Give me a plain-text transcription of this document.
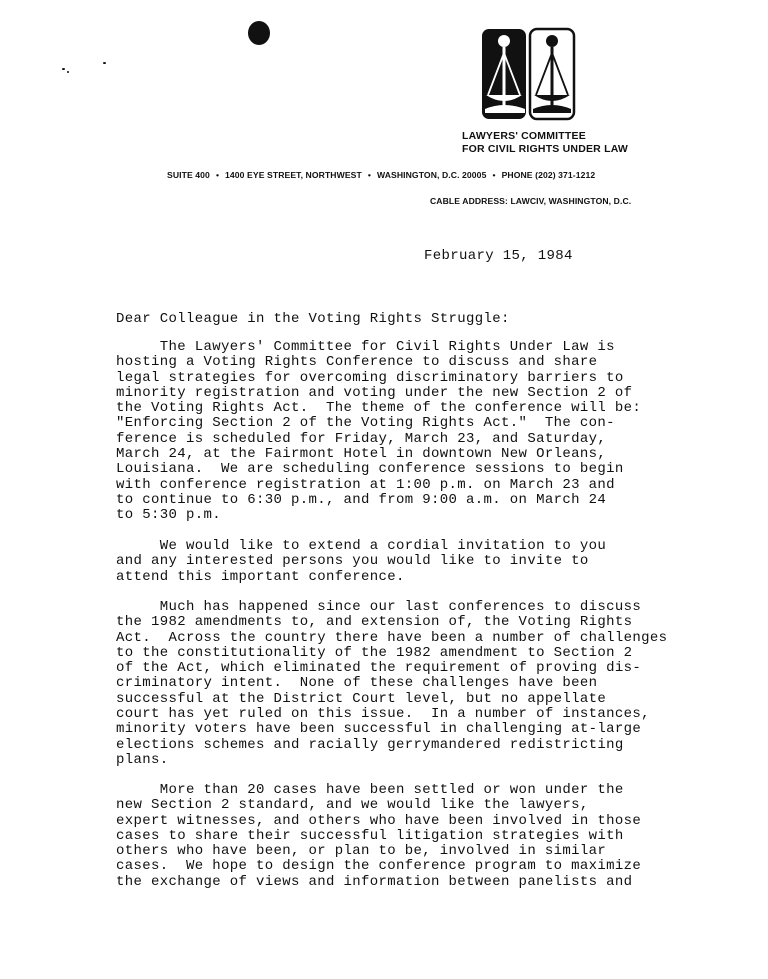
LAWYERS' COMMITTEE
FOR CIVIL RIGHTS UNDER LAW
SUITE 400 • 1400 EYE STREET, NORTHWEST • WASHINGTON, D.C. 20005 • PHONE (202) 371-1212
CABLE ADDRESS: LAWCIV, WASHINGTON, D.C.
February 15, 1984
Dear Colleague in the Voting Rights Struggle:
The Lawyers' Committee for Civil Rights Under Law is
hosting a Voting Rights Conference to discuss and share
legal strategies for overcoming discriminatory barriers to
minority registration and voting under the new Section 2 of
the Voting Rights Act.  The theme of the conference will be:
"Enforcing Section 2 of the Voting Rights Act."  The con-
ference is scheduled for Friday, March 23, and Saturday,
March 24, at the Fairmont Hotel in downtown New Orleans,
Louisiana.  We are scheduling conference sessions to begin
with conference registration at 1:00 p.m. on March 23 and
to continue to 6:30 p.m., and from 9:00 a.m. on March 24
to 5:30 p.m.
We would like to extend a cordial invitation to you
and any interested persons you would like to invite to
attend this important conference.
Much has happened since our last conferences to discuss
the 1982 amendments to, and extension of, the Voting Rights
Act.  Across the country there have been a number of challenges
to the constitutionality of the 1982 amendment to Section 2
of the Act, which eliminated the requirement of proving dis-
criminatory intent.  None of these challenges have been
successful at the District Court level, but no appellate
court has yet ruled on this issue.  In a number of instances,
minority voters have been successful in challenging at-large
elections schemes and racially gerrymandered redistricting
plans.
More than 20 cases have been settled or won under the
new Section 2 standard, and we would like the lawyers,
expert witnesses, and others who have been involved in those
cases to share their successful litigation strategies with
others who have been, or plan to be, involved in similar
cases.  We hope to design the conference program to maximize
the exchange of views and information between panelists and
